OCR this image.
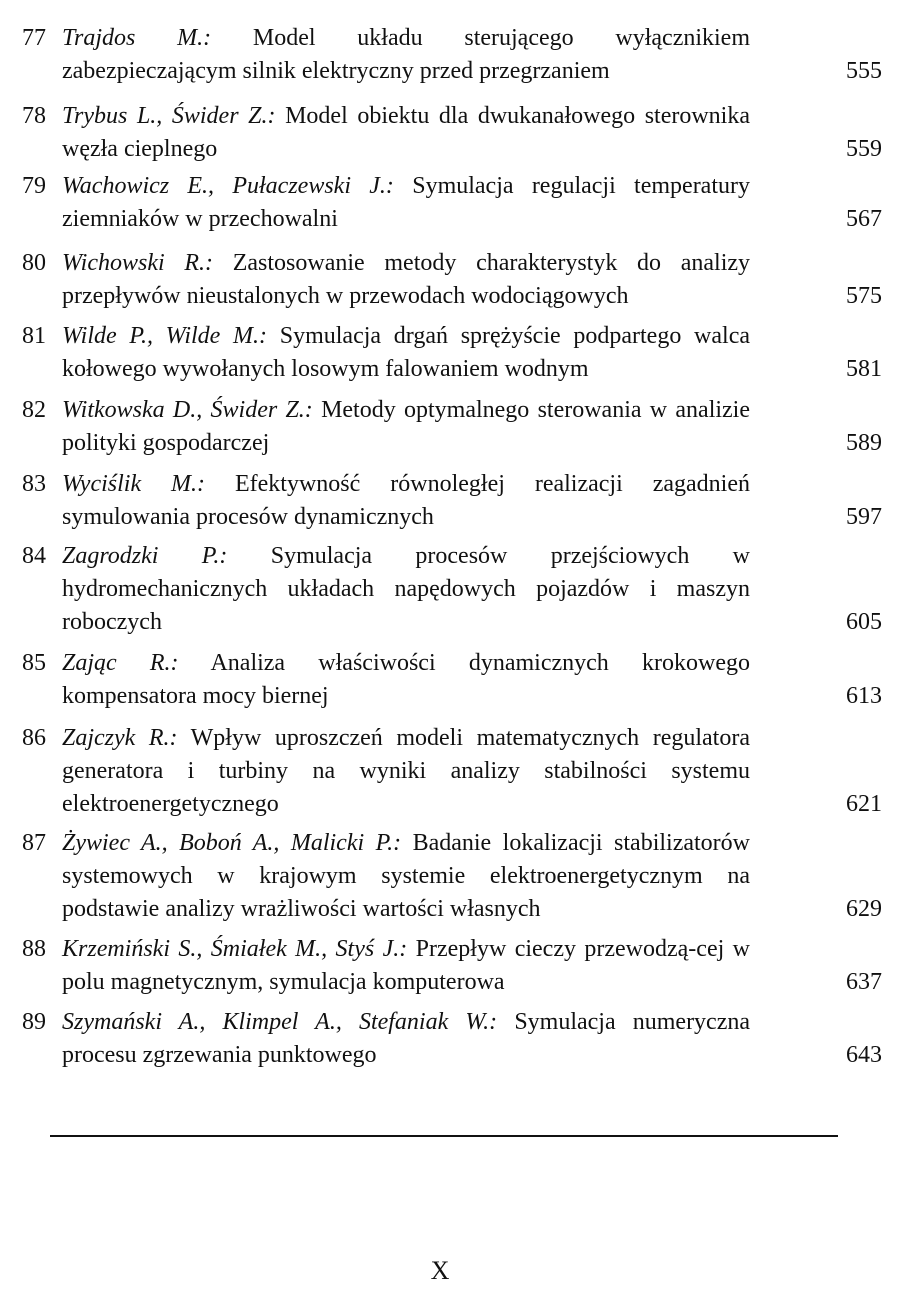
77 Trajdos M.: Model układu sterującego wyłącznikiem zabezpieczającym silnik elektryczny przed przegrzaniem	555
78 Trybus L., Świder Z.: Model obiektu dla dwukanałowego sterownika węzła cieplnego	559
79 Wachowicz E., Pułaczewski J.: Symulacja regulacji temperatury ziemniaków w przechowalni	567
80 Wichowski R.: Zastosowanie metody charakterystyk do analizy przepływów nieustalonych w przewodach wodociągowych	575
81 Wilde P., Wilde M.: Symulacja drgań sprężyście podpartego walca kołowego wywołanych losowym falowaniem wodnym	581
82 Witkowska D., Świder Z.: Metody optymalnego sterowania w analizie polityki gospodarczej	589
83 Wyciślik M.: Efektywność równoległej realizacji zagadnień symulowania procesów dynamicznych	597
84 Zagrodzki P.: Symulacja procesów przejściowych w hydromechanicznych układach napędowych pojazdów i maszyn roboczych	605
85 Zając R.: Analiza właściwości dynamicznych krokowego kompensatora mocy biernej	613
86 Zajczyk R.: Wpływ uproszczeń modeli matematycznych regulatora generatora i turbiny na wyniki analizy stabilności systemu elektroenergetycznego	621
87 Żywiec A., Boboń A., Malicki P.: Badanie lokalizacji stabilizatorów systemowych w krajowym systemie elektroenergetycznym na podstawie analizy wrażliwości wartości własnych	629
88 Krzemiński S., Śmiałek M., Styś J.: Przepływ cieczy przewodzą-cej w polu magnetycznym, symulacja komputerowa	637
89 Szymański A., Klimpel A., Stefaniak W.: Symulacja numeryczna procesu zgrzewania punktowego	643
X
